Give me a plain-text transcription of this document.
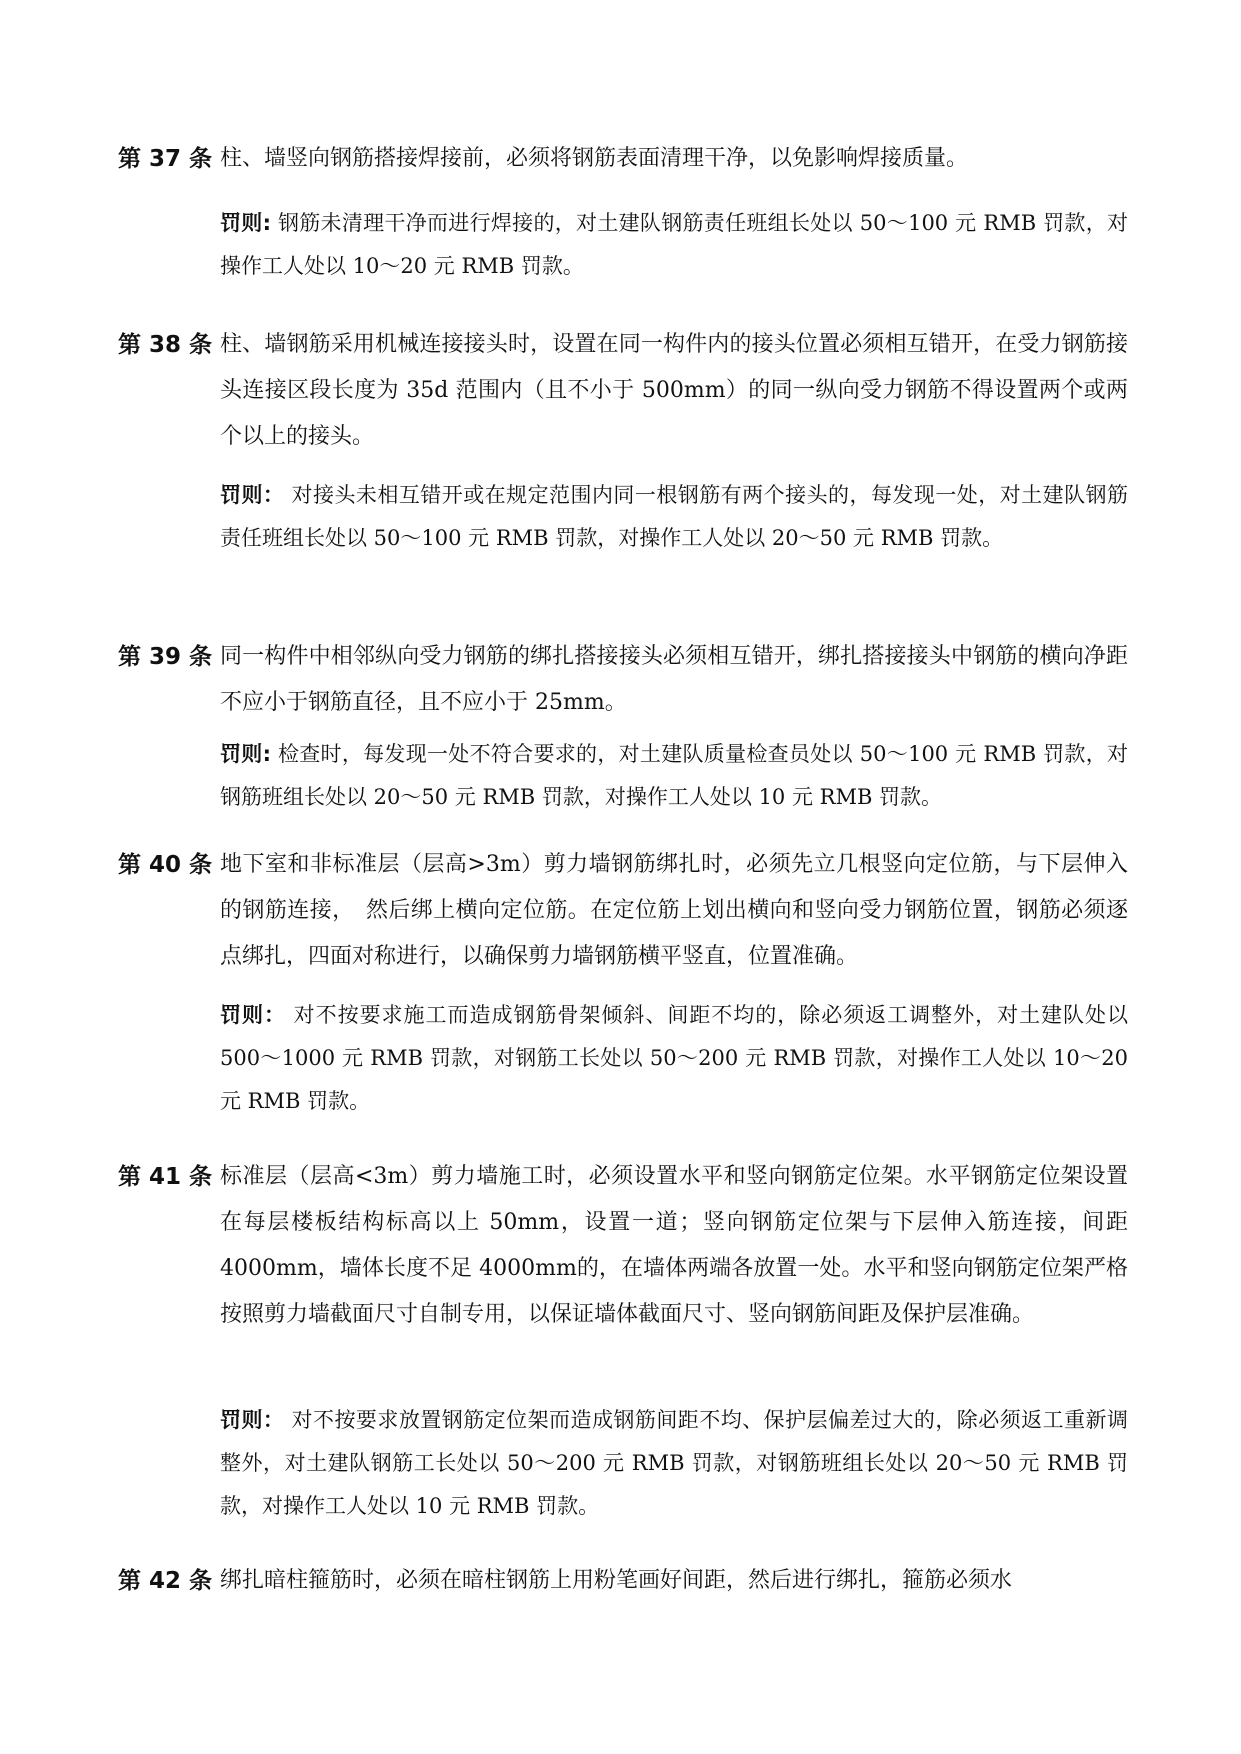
第 37 条 柱、墙竖向钢筋搭接焊接前，必须将钢筋表面清理干净，以免影响焊接质量。
罚则: 钢筋未清理干净而进行焊接的，对土建队钢筋责任班组长处以 50～100 元 RMB 罚款，对操作工人处以 10～20 元 RMB 罚款。
第 38 条 柱、墙钢筋采用机械连接接头时，设置在同一构件内的接头位置必须相互错开，在受力钢筋接头连接区段长度为 35d 范围内（且不小于 500mm）的同一纵向受力钢筋不得设置两个或两个以上的接头。
罚则： 对接头未相互错开或在规定范围内同一根钢筋有两个接头的，每发现一处，对土建队钢筋责任班组长处以 50～100 元 RMB 罚款，对操作工人处以 20～50 元 RMB 罚款。
第 39 条 同一构件中相邻纵向受力钢筋的绑扎搭接接头必须相互错开，绑扎搭接接头中钢筋的横向净距不应小于钢筋直径，且不应小于 25mm。
罚则: 检查时，每发现一处不符合要求的，对土建队质量检查员处以 50～100 元 RMB 罚款，对钢筋班组长处以 20～50 元 RMB 罚款，对操作工人处以 10 元 RMB 罚款。
第 40 条 地下室和非标准层（层高>3m）剪力墙钢筋绑扎时，必须先立几根竖向定位筋，与下层伸入的钢筋连接，　然后绑上横向定位筋。在定位筋上划出横向和竖向受力钢筋位置，钢筋必须逐点绑扎，四面对称进行，以确保剪力墙钢筋横平竖直，位置准确。
罚则： 对不按要求施工而造成钢筋骨架倾斜、间距不均的，除必须返工调整外，对土建队处以 500～1000 元 RMB 罚款，对钢筋工长处以 50～200 元 RMB 罚款，对操作工人处以 10～20 元 RMB 罚款。
第 41 条 标准层（层高<3m）剪力墙施工时，必须设置水平和竖向钢筋定位架。水平钢筋定位架设置在每层楼板结构标高以上 50mm，设置一道；竖向钢筋定位架与下层伸入筋连接，间距 4000mm，墙体长度不足 4000mm的，在墙体两端各放置一处。水平和竖向钢筋定位架严格按照剪力墙截面尺寸自制专用，以保证墙体截面尺寸、竖向钢筋间距及保护层准确。
罚则： 对不按要求放置钢筋定位架而造成钢筋间距不均、保护层偏差过大的，除必须返工重新调整外，对土建队钢筋工长处以 50～200 元 RMB 罚款，对钢筋班组长处以 20～50 元 RMB 罚款，对操作工人处以 10 元 RMB 罚款。
第 42 条 绑扎暗柱箍筋时，必须在暗柱钢筋上用粉笔画好间距，然后进行绑扎，箍筋必须水
